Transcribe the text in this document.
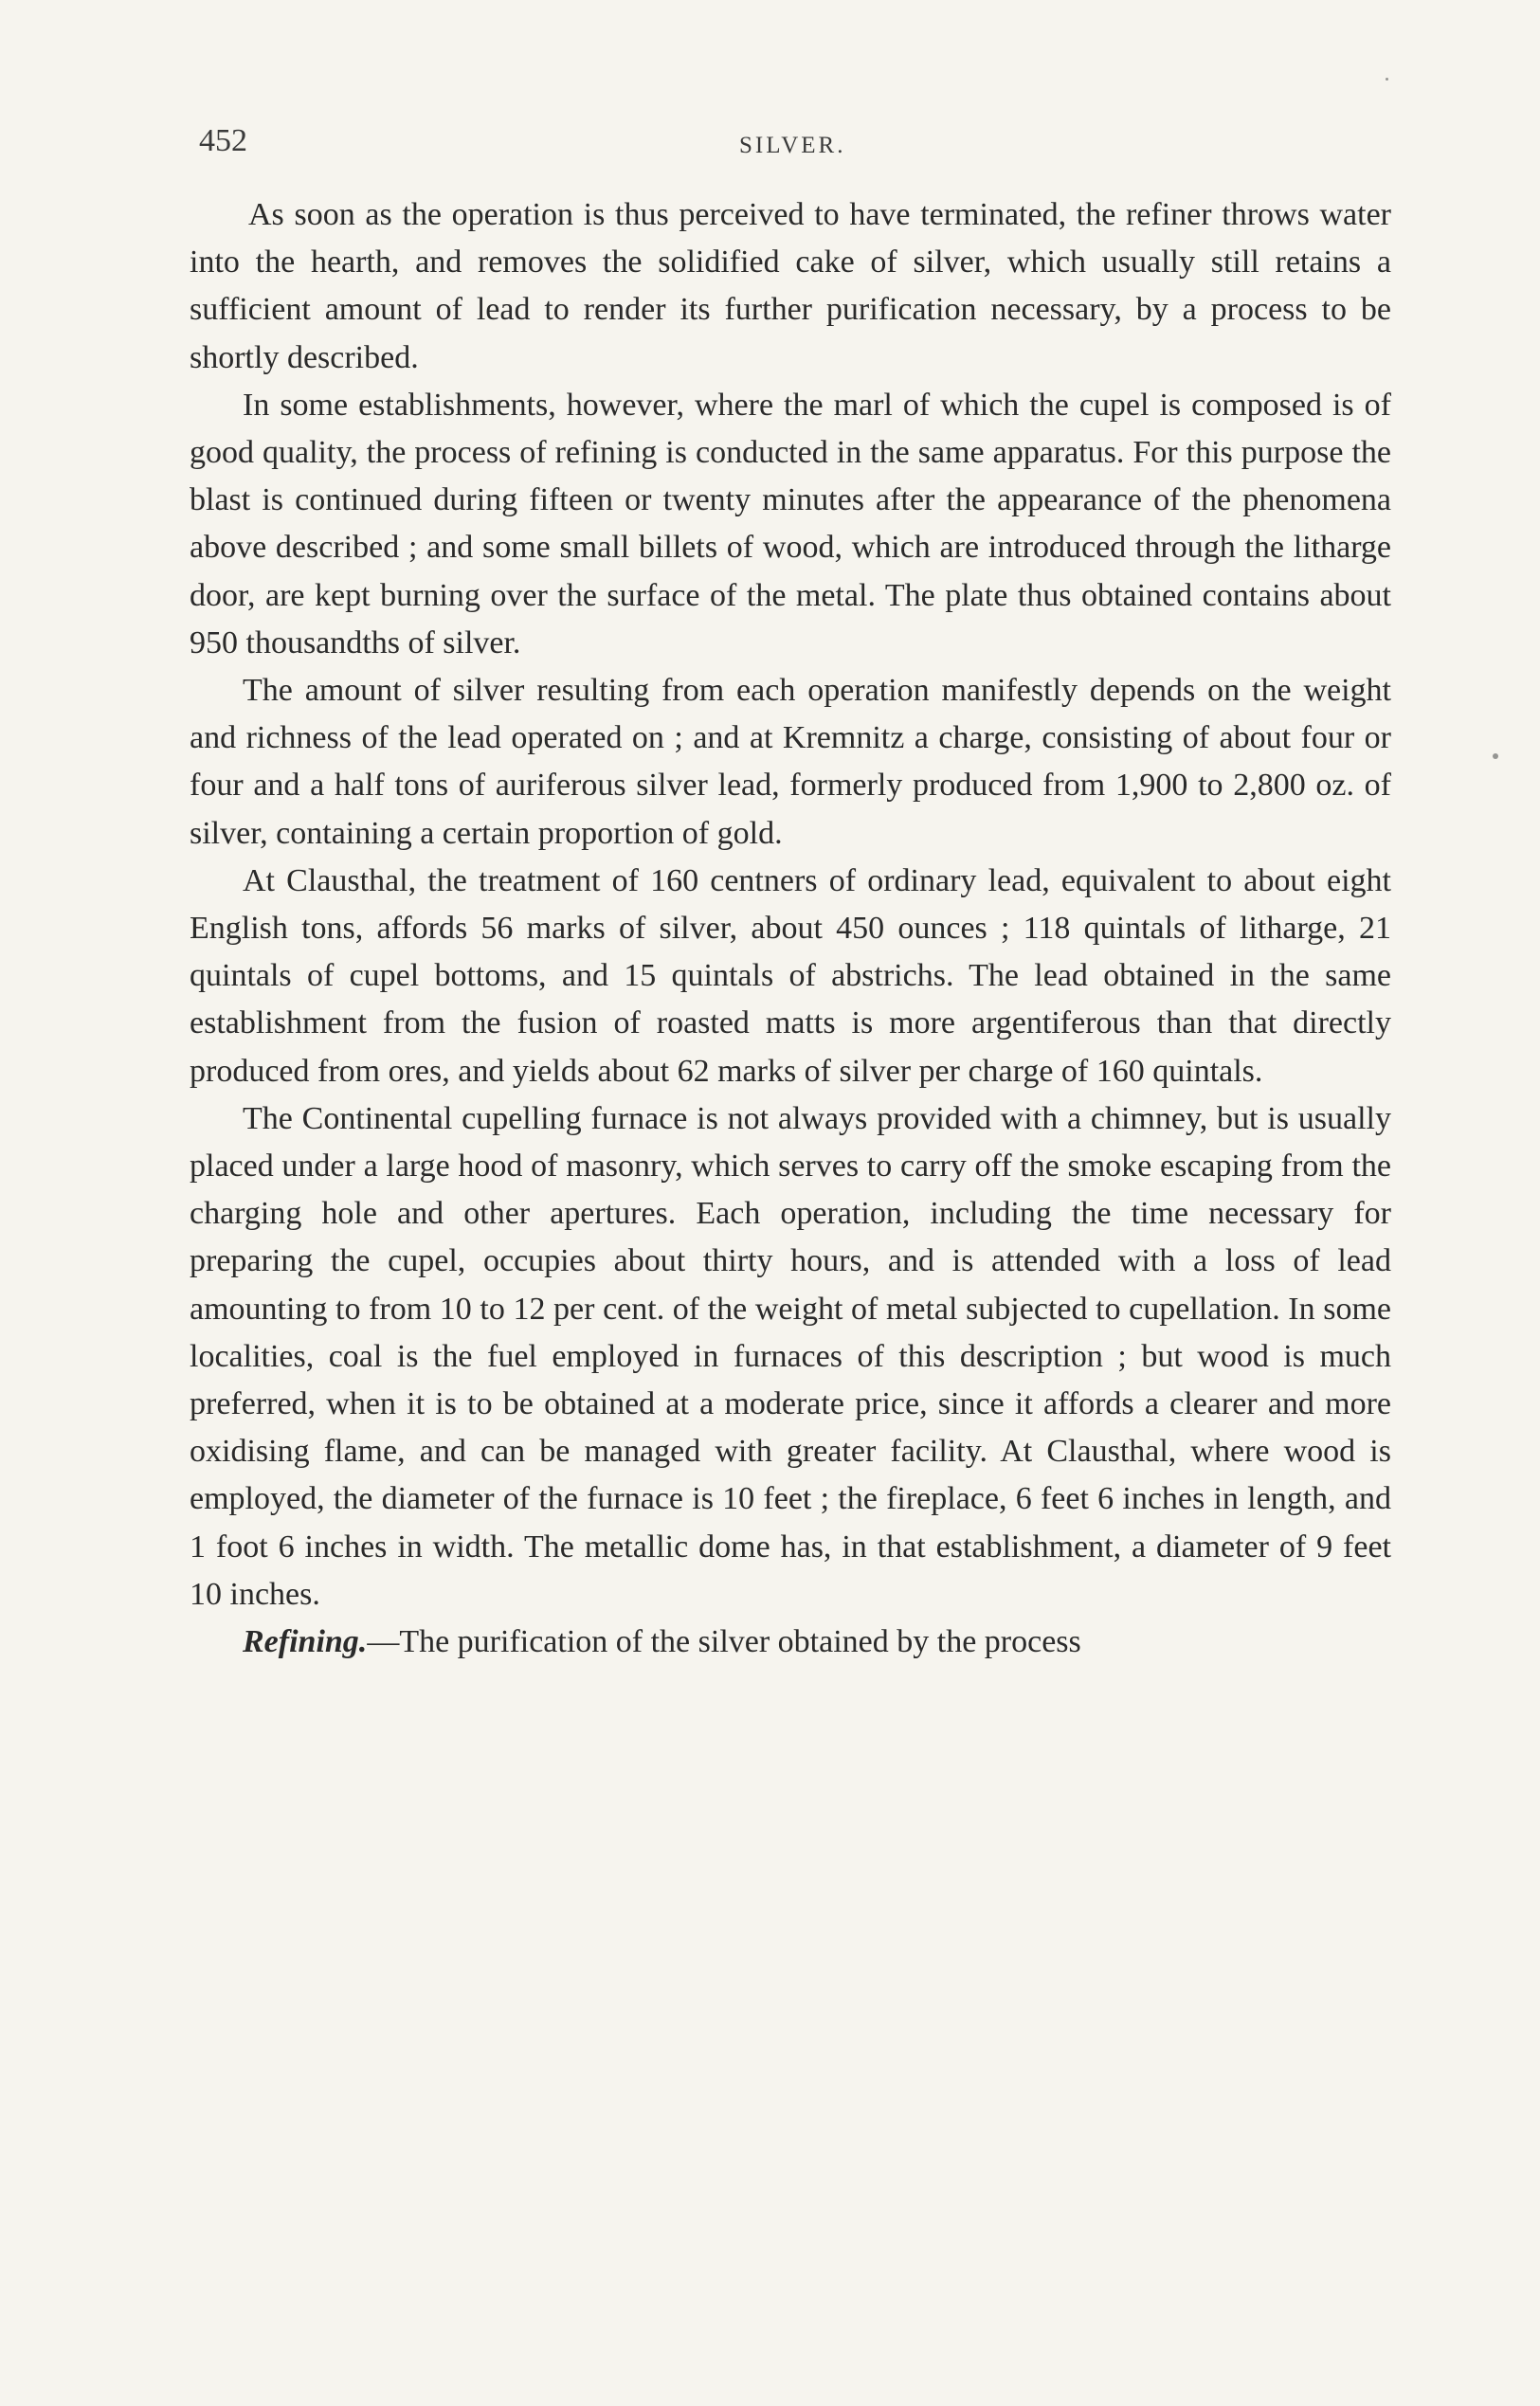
452	SILVER.

As soon as the operation is thus perceived to have terminated, the refiner throws water into the hearth, and removes the solidified cake of silver, which usually still retains a sufficient amount of lead to render its further purification necessary, by a process to be shortly described.

In some establishments, however, where the marl of which the cupel is composed is of good quality, the process of refining is conducted in the same apparatus. For this purpose the blast is continued during fifteen or twenty minutes after the appearance of the phenomena above described ; and some small billets of wood, which are introduced through the litharge door, are kept burning over the surface of the metal. The plate thus obtained contains about 950 thousandths of silver.

The amount of silver resulting from each operation manifestly depends on the weight and richness of the lead operated on ; and at Kremnitz a charge, consisting of about four or four and a half tons of auriferous silver lead, formerly produced from 1,900 to 2,800 oz. of silver, containing a certain proportion of gold.

At Clausthal, the treatment of 160 centners of ordinary lead, equivalent to about eight English tons, affords 56 marks of silver, about 450 ounces ; 118 quintals of litharge, 21 quintals of cupel bottoms, and 15 quintals of abstrichs. The lead obtained in the same establishment from the fusion of roasted matts is more argentiferous than that directly produced from ores, and yields about 62 marks of silver per charge of 160 quintals.

The Continental cupelling furnace is not always provided with a chimney, but is usually placed under a large hood of masonry, which serves to carry off the smoke escaping from the charging hole and other apertures. Each operation, including the time necessary for preparing the cupel, occupies about thirty hours, and is attended with a loss of lead amounting to from 10 to 12 per cent. of the weight of metal subjected to cupellation. In some localities, coal is the fuel employed in furnaces of this description ; but wood is much preferred, when it is to be obtained at a moderate price, since it affords a clearer and more oxidising flame, and can be managed with greater facility. At Clausthal, where wood is employed, the diameter of the furnace is 10 feet ; the fireplace, 6 feet 6 inches in length, and 1 foot 6 inches in width. The metallic dome has, in that establishment, a diameter of 9 feet 10 inches.

Refining.—The purification of the silver obtained by the process
